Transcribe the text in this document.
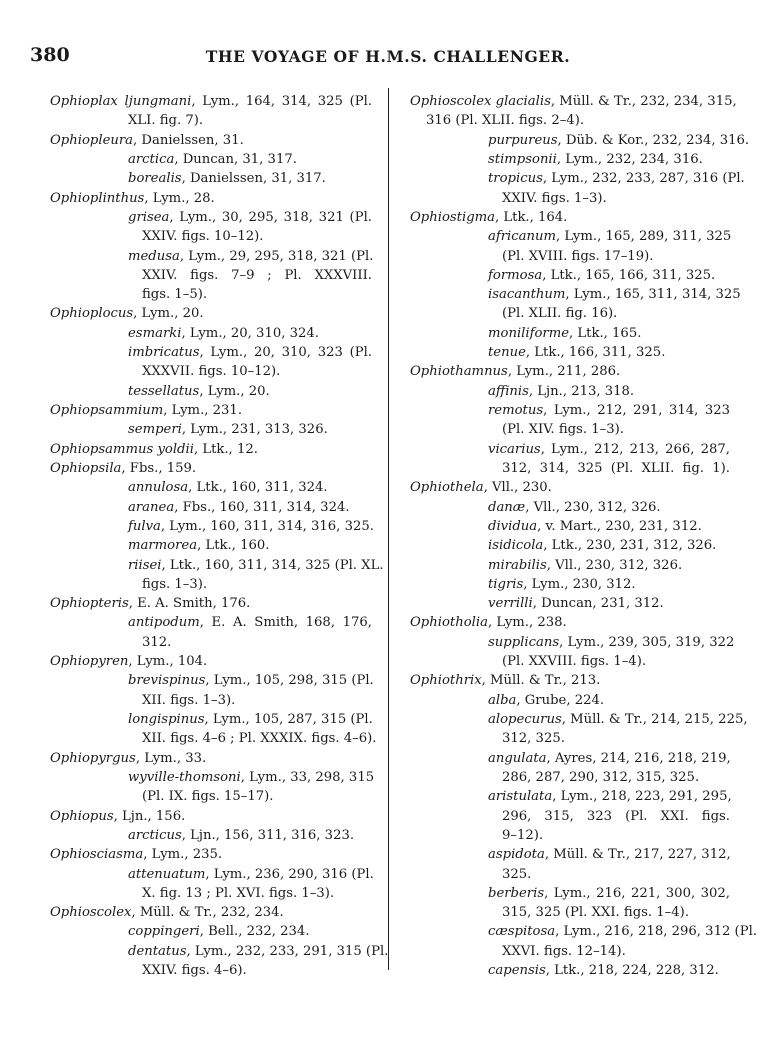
380	THE VOYAGE OF H.M.S. CHALLENGER.
Ophioplax ljungmani, Lym., 164, 314, 325 (Pl.
XLI. fig. 7).
Ophiopleura, Danielssen, 31.
arctica, Duncan, 31, 317.
borealis, Danielssen, 31, 317.
Ophioplinthus, Lym., 28.
grisea, Lym., 30, 295, 318, 321 (Pl.
XXIV. figs. 10–12).
medusa, Lym., 29, 295, 318, 321 (Pl.
XXIV. figs. 7–9 ; Pl. XXXVIII.
figs. 1–5).
Ophioplocus, Lym., 20.
esmarki, Lym., 20, 310, 324.
imbricatus, Lym., 20, 310, 323 (Pl.
XXXVII. figs. 10–12).
tessellatus, Lym., 20.
Ophiopsammium, Lym., 231.
semperi, Lym., 231, 313, 326.
Ophiopsammus yoldii, Ltk., 12.
Ophiopsila, Fbs., 159.
annulosa, Ltk., 160, 311, 324.
aranea, Fbs., 160, 311, 314, 324.
fulva, Lym., 160, 311, 314, 316, 325.
marmorea, Ltk., 160.
riisei, Ltk., 160, 311, 314, 325 (Pl. XL.
figs. 1–3).
Ophiopteris, E. A. Smith, 176.
antipodum, E. A. Smith, 168, 176,
312.
Ophiopyren, Lym., 104.
brevispinus, Lym., 105, 298, 315 (Pl.
XII. figs. 1–3).
longispinus, Lym., 105, 287, 315 (Pl.
XII. figs. 4–6 ; Pl. XXXIX. figs. 4–6).
Ophiopyrgus, Lym., 33.
wyville-thomsoni, Lym., 33, 298, 315
(Pl. IX. figs. 15–17).
Ophiopus, Ljn., 156.
arcticus, Ljn., 156, 311, 316, 323.
Ophiosciasma, Lym., 235.
attenuatum, Lym., 236, 290, 316 (Pl.
X. fig. 13 ; Pl. XVI. figs. 1–3).
Ophioscolex, Müll. & Tr., 232, 234.
coppingeri, Bell., 232, 234.
dentatus, Lym., 232, 233, 291, 315 (Pl.
XXIV. figs. 4–6).
Ophioscolex glacialis, Müll. & Tr., 232, 234, 315,
316 (Pl. XLII. figs. 2–4).
purpureus, Düb. & Kor., 232, 234, 316.
stimpsonii, Lym., 232, 234, 316.
tropicus, Lym., 232, 233, 287, 316 (Pl.
XXIV. figs. 1–3).
Ophiostigma, Ltk., 164.
africanum, Lym., 165, 289, 311, 325
(Pl. XVIII. figs. 17–19).
formosa, Ltk., 165, 166, 311, 325.
isacanthum, Lym., 165, 311, 314, 325
(Pl. XLII. fig. 16).
moniliforme, Ltk., 165.
tenue, Ltk., 166, 311, 325.
Ophiothamnus, Lym., 211, 286.
affinis, Ljn., 213, 318.
remotus, Lym., 212, 291, 314, 323
(Pl. XIV. figs. 1–3).
vicarius, Lym., 212, 213, 266, 287,
312, 314, 325 (Pl. XLII. fig. 1).
Ophiothela, Vll., 230.
danæ, Vll., 230, 312, 326.
dividua, v. Mart., 230, 231, 312.
isidicola, Ltk., 230, 231, 312, 326.
mirabilis, Vll., 230, 312, 326.
tigris, Lym., 230, 312.
verrilli, Duncan, 231, 312.
Ophiotholia, Lym., 238.
supplicans, Lym., 239, 305, 319, 322
(Pl. XXVIII. figs. 1–4).
Ophiothrix, Müll. & Tr., 213.
alba, Grube, 224.
alopecurus, Müll. & Tr., 214, 215, 225,
312, 325.
angulata, Ayres, 214, 216, 218, 219,
286, 287, 290, 312, 315, 325.
aristulata, Lym., 218, 223, 291, 295,
296, 315, 323 (Pl. XXI. figs.
9–12).
aspidota, Müll. & Tr., 217, 227, 312,
325.
berberis, Lym., 216, 221, 300, 302,
315, 325 (Pl. XXI. figs. 1–4).
cæspitosa, Lym., 216, 218, 296, 312 (Pl.
XXVI. figs. 12–14).
capensis, Ltk., 218, 224, 228, 312.
